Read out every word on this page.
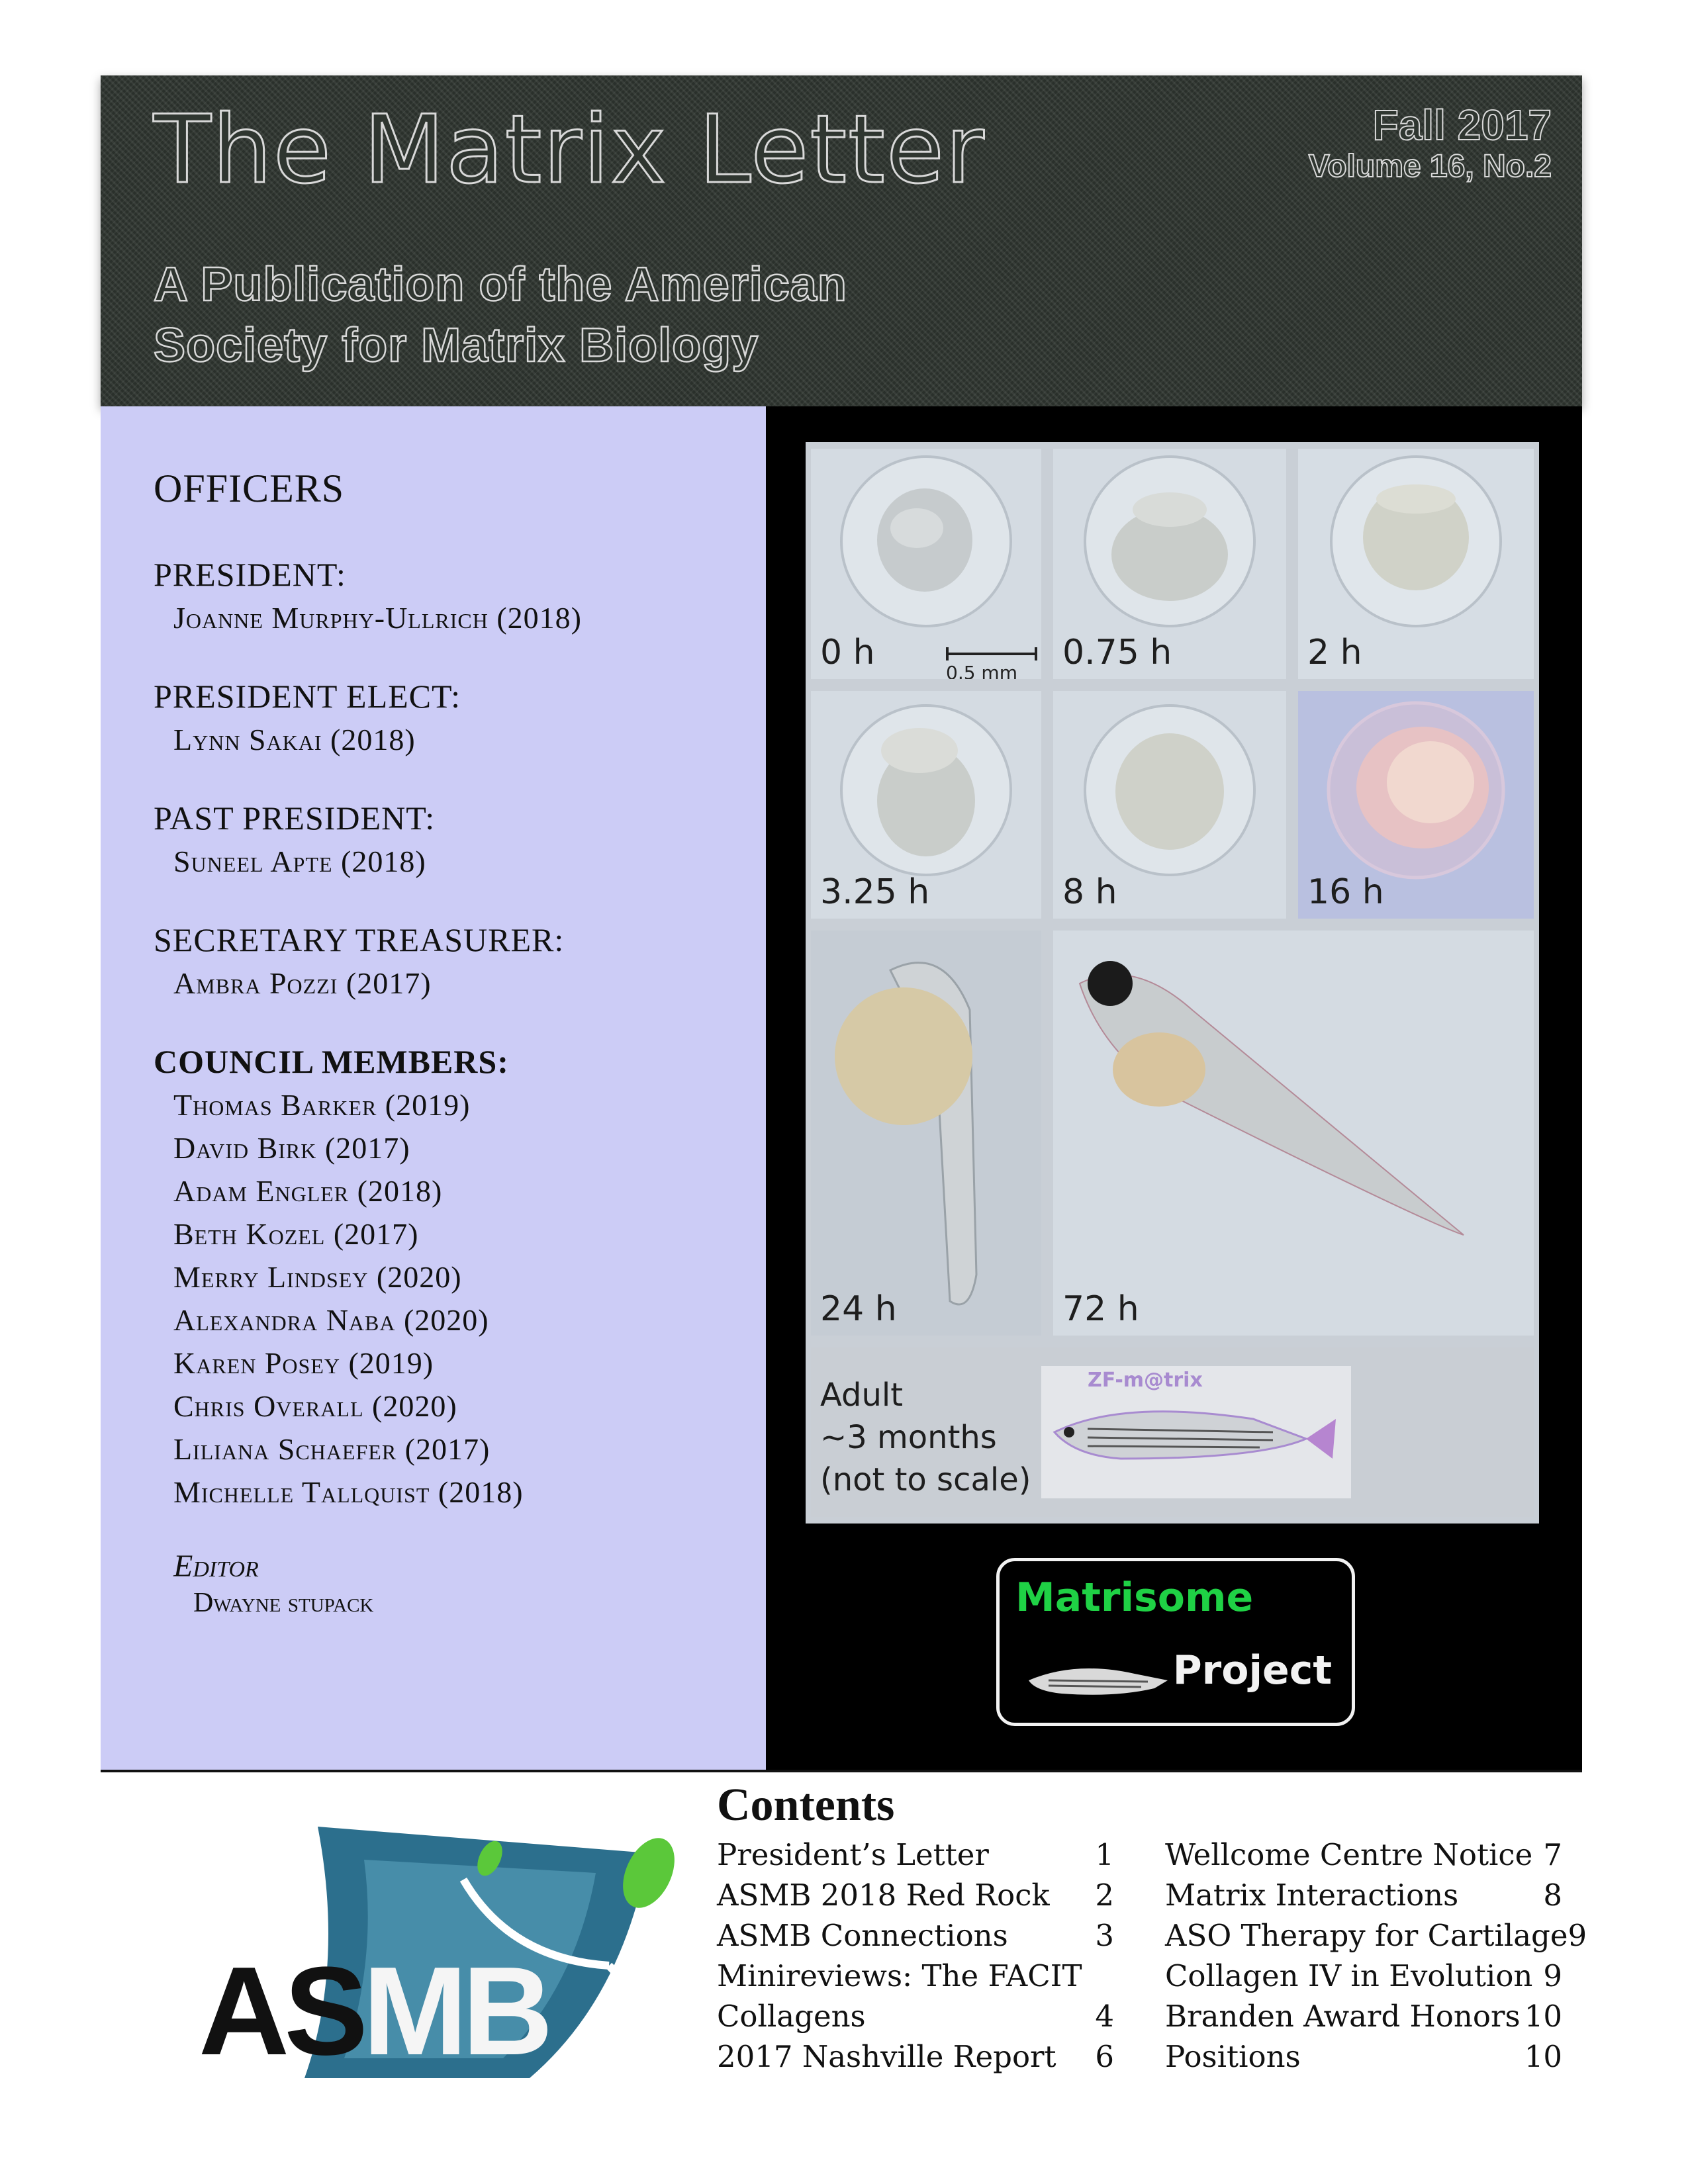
The Matrix Letter	Fall 2017
Volume 16, No.2
A Publication of the American
Society for Matrix Biology
OFFICERS
PRESIDENT:
Joanne Murphy-Ullrich (2018)
PRESIDENT ELECT:
Lynn Sakai (2018)
PAST PRESIDENT:
Suneel Apte (2018)
SECRETARY TREASURER:
Ambra Pozzi (2017)
COUNCIL MEMBERS:
Thomas Barker (2019)
David Birk (2017)
Adam Engler (2018)
Beth Kozel (2017)
Merry Lindsey (2020)
Alexandra Naba (2020)
Karen Posey (2019)
Chris Overall (2020)
Liliana Schaefer (2017)
Michelle Tallquist (2018)
Editor
Dwayne stupack
0 h
0.5 mm
0.75 h	2 h
3.25 h	8 h	16 h
24 h	72 h
Adult
~3 months
(not to scale)
ZF-m@trix
Matrisome
Project
ASMB
Contents
President’s Letter	1
ASMB 2018 Red Rock 2
ASMB Connections	3
Minireviews: The FACIT
Collagens	4
2017 Nashville Report 6
Wellcome Centre Notice 7
Matrix Interactions	8
ASO Therapy for Cartilage 9
Collagen IV in Evolution 9
Branden Award Honors 10
Positions	10
